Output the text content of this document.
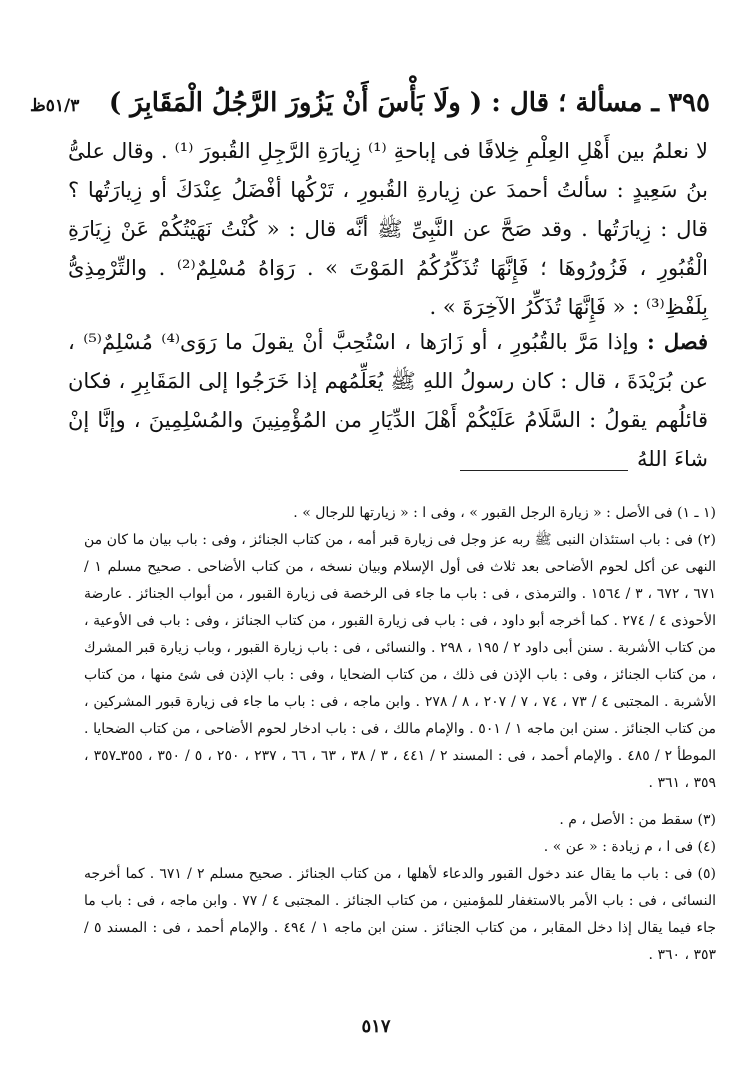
٥١/٣ظ ٣٩٥ ـ مسألة ؛ قال : ( ولَا بَأْسَ أَنْ يَزُورَ الرَّجُلُ الْمَقَابِرَ )
لا نعلمُ بين أَهْلِ العِلْمِ خِلافًا فى إباحةِ ⁽¹⁾ زِيارَةِ الرَّجِلِ القُبورَ ⁽¹⁾ . وقال علىُّ بنُ سَعِيدٍ : سألتُ أحمدَ عن زِيارةِ القُبورِ ، تَرْكُها أفْضَلُ عِنْدَكَ أو زِيارَتُها ؟ قال : زِيارَتُها . وقد صَحَّ عن النَّبِىِّ ﷺ أنَّه قال : « كُنْتُ نَهَيْتُكُمْ عَنْ زِيَارَةِ الْقُبُورِ ، فَزُورُوهَا ؛ فَإِنَّهَا تُذَكِّرُكُمُ المَوْتَ » . رَوَاهُ مُسْلِمٌ⁽²⁾ . والتِّرْمِذِىُّ بِلَفْظِ⁽³⁾ : « فَإِنَّهَا تُذَكِّرُ الآخِرَةَ » .
فصل : وإذا مَرَّ بالقُبُورِ ، أو زَارَها ، اسْتُحِبَّ أنْ يقولَ ما رَوَى⁽⁴⁾ مُسْلِمٌ⁽⁵⁾ ، عن بُرَيْدَةَ ، قال : كان رسولُ اللهِ ﷺ يُعَلِّمُهم إذا خَرَجُوا إلى المَقَابِرِ ، فكان قائلُهم يقولُ : السَّلَامُ عَلَيْكُمْ أَهْلَ الدِّيَارِ من المُؤْمِنِينَ والمُسْلِمِينَ ، وإنَّا إنْ شاءَ اللهُ

(١ ـ ١) فى الأصل : « زيارة الرجل القبور » ، وفى ا : « زيارتها للرجال » .

(٢) فى : باب استئذان النبى ﷺ ربه عز وجل فى زيارة قبر أمه ، من كتاب الجنائز ، وفى : باب بيان ما كان من النهى عن أكل لحوم الأضاحى بعد ثلاث فى أول الإسلام وبيان نسخه ، من كتاب الأضاحى . صحيح مسلم ١ / ٦٧١ ، ٦٧٢ ، ٣ / ١٥٦٤ . والترمذى ، فى : باب ما جاء فى الرخصة فى زيارة القبور ، من أبواب الجنائز . عارضة الأحوذى ٤ / ٢٧٤ . كما أخرجه أبو داود ، فى : باب فى زيارة القبور ، من كتاب الجنائز ، وفى : باب فى الأوعية ، من كتاب الأشربة . سنن أبى داود ٢ / ١٩٥ ، ٢٩٨ . والنسائى ، فى : باب زيارة القبور ، وباب زيارة قبر المشرك ، من كتاب الجنائز ، وفى : باب الإذن فى ذلك ، من كتاب الضحايا ، وفى : باب الإذن فى شئ منها ، من كتاب الأشربة . المجتبى ٤ / ٧٣ ، ٧٤ ، ٧ / ٢٠٧ ، ٨ / ٢٧٨ . وابن ماجه ، فى : باب ما جاء فى زيارة قبور المشركين ، من كتاب الجنائز . سنن ابن ماجه ١ / ٥٠١ . والإمام مالك ، فى : باب ادخار لحوم الأضاحى ، من كتاب الضحايا . الموطأ ٢ / ٤٨٥ . والإمام أحمد ، فى : المسند ٢ / ٤٤١ ، ٣ / ٣٨ ، ٦٣ ، ٦٦ ، ٢٣٧ ، ٢٥٠ ، ٥ / ٣٥٠ ، ٣٥٥ـ٣٥٧ ، ٣٥٩ ، ٣٦١ .

(٣) سقط من : الأصل ، م .

(٤) فى ا ، م زيادة : « عن » .

(٥) فى : باب ما يقال عند دخول القبور والدعاء لأهلها ، من كتاب الجنائز . صحيح مسلم ٢ / ٦٧١ . كما أخرجه النسائى ، فى : باب الأمر بالاستغفار للمؤمنين ، من كتاب الجنائز . المجتبى ٤ / ٧٧ . وابن ماجه ، فى : باب ما جاء فيما يقال إذا دخل المقابر ، من كتاب الجنائز . سنن ابن ماجه ١ / ٤٩٤ . والإمام أحمد ، فى : المسند ٥ / ٣٥٣ ، ٣٦٠ .

٥١٧
